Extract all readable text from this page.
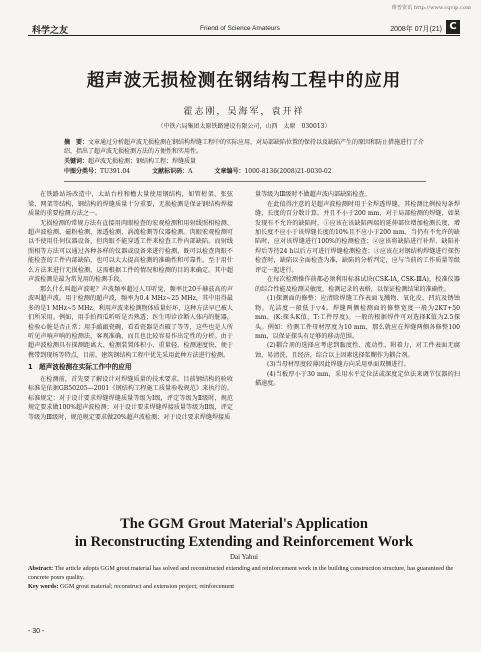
维普资讯 http://www.cqvip.com
科学之友	Friend of Science Amateurs	2008年 07月(21) C
超声波无损检测在钢结构工程中的应用
霍志刚，吴海军，袁开祥
（中铁六局集团太原铁路建设有限公司，山西　太原　030013）
摘　要：文章通过分析超声波无损检测在钢结构焊缝工程中的实际应用，对局部缺陷位置的保持以及缺陷产生的原因和防止措施进行了介绍，指出了超声波无损检测方法的方便性和实用性。
关键词：超声波无损检测；钢结构工程；焊缝质量
中图分类号：TU391.04	文献标识码：A	文章编号：1000-8136(2008)21-0030-02

在铁路站场改造中，太站台柱和檐大量使用钢结构，如管桁架、张弦梁、网架等结构，钢结构的焊缝质量十分重要，无损检测是保证钢结构焊接质量的重要检测方法之一。

无损检测的常规方法有直接用肉眼检查的宏观检测和用射线照相检测、超声波检测、磁粉检测、渗透检测、涡流检测等仪器检测。肉眼宏观检测可以不使用任何仪器设备，但肉眼不能穿透工件来检查工件内部缺陷。而射线照相等方法可以通过各种各样的仪器或设备来进行检测，既可以检查肉眼不能检查的工件内部缺陷，也可以大大提高检测的准确性和可靠性。至于用什么方法来进行无损检测，这需根据工件的情况和检测的目的来确定。其中超声波检测是最为常见用的检测手段。

那么什么叫超声波呢？声波频率超过人耳听觉，频率比20千赫兹高的声波叫超声波。用于检测的超声波，频率为0.4 MHz~25 MHz，其中用得最多的是1 MHz~5 MHz。利用声波来检测物体质量好坏，这种方法早已被人们所采用。例如，用手拍西瓜听听是否熟透；医生叩诊诊断人体内的脏器，检验心脏是否正常；用手敲敲瓷碗，看看瓷器是否破了等等，这些也是人所听见声响声响的检测法，客观准确，而且也比较容易作出定性的分析。由于超声波检测具有探测距离大、检测装置体积小、重量轻、检测速度快、便于携带到现场等特点，目前，建筑钢结构工程中优先采用此种方法进行检测。

1　超声波检测在实际工作中的应用

在检测前，首先要了解设计对焊缝质量的技术要求。目前钢结构的验收标准是依据GB50205—2001《钢结构工程施工质量验收规范》来执行的。标准规定：对于设计要求焊缝焊缝质量等级为Ⅰ级，评定等级为Ⅱ级时，规范规定要求做100%超声波检测；对于设计要求焊缝焊接质量等级为Ⅱ级，评定等级为Ⅲ级时，规范规定要求做20%超声波检测；对于设计要求焊缝焊接质

量等级为Ⅲ级时不做超声波内部缺陷检查。

在此值得注意的是超声波检测时用于全焊透焊缝，其检测比例按每条焊缝，长度的百分数计算，并且不小于200 mm，对于局部检测的焊缝，如果发现有不允许的缺陷时，①应该在该缺陷两端的延伸部位增加检测长度，增加长度不应小于该焊缝长度的10%且不应小于200 mm，当仍有不允许的缺陷时，应对该焊缝进行100%的检测检查；②应该将缺陷进行补焊，缺陷补焊后等待24 h以后方可进行焊缝检测检查；③应该在对钢结构焊缝进行探伤检查时，缺陷以全面检查为准，缺陷的分析判定，应与当前的工作质量等级评定一起进行。

在每次检测操作前都必须利用标准试块(CSK-IA, CSK-ⅢA)，校准仪器的综合性能及检测灵敏度，检测记录的表格，以保证检测结果的准确性。

(1)探测面的修整：应清除焊缝工作表面飞溅物、氧化皮、凹坑及锈蚀物。光洁度一般低于▽4。焊缝两侧检测面的修整宽度一般为2KT+50 mm，(K:探头K值，T:工件厚度)。一般的根据焊件可对选择K值为2.5探头。例如：待测工件母材厚度为10 mm，那么就应在焊缝两侧各修整100 mm，以保证探头有足够的移动范围。

(2)耦合剂的选择应考虑到黏度性、流动性、附着力，对工件表面无腐蚀，易清洗，且经济，综合以上因素选择浆糊作为耦合剂。

(3)当母材厚度较薄因此焊缝方向采用单面双侧进行。

(4)当板厚小于30 mm，采用水平定位法或深度定位法来调节仪器的扫描速度。

The GGM Grout Material's Application
in Reconstructing Extending and Reinforcement Work
Dai Yahui
Abstract: The article adopts GGM grout material has solved and reconstructed extending and reinforcement work in the building construction structure, has guaranteed the concrete pours quality.
Key words: GGM grout material; reconstruct and extension project; reinforcement
- 30 -
